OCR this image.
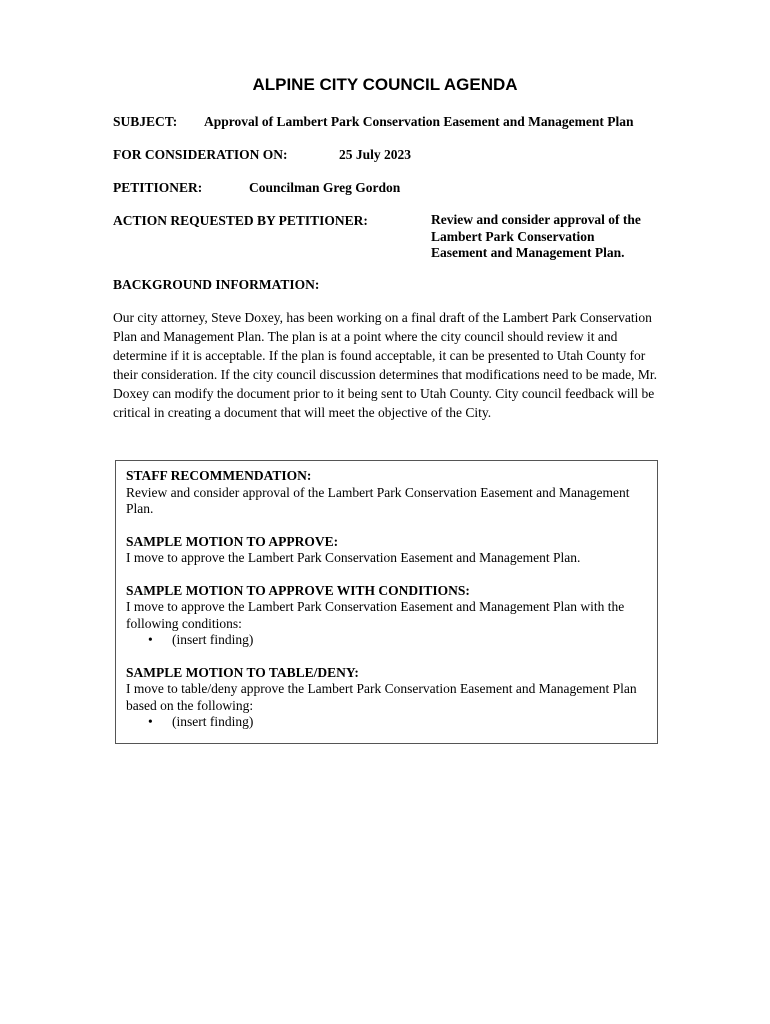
ALPINE CITY COUNCIL AGENDA
SUBJECT: Approval of Lambert Park Conservation Easement and Management Plan
FOR CONSIDERATION ON:	25 July 2023
PETITIONER:	Councilman Greg Gordon
ACTION REQUESTED BY PETITIONER:	Review and consider approval of the
Lambert Park Conservation
Easement and Management Plan.
BACKGROUND INFORMATION:

Our city attorney, Steve Doxey, has been working on a final draft of the Lambert Park Conservation Plan and Management Plan. The plan is at a point where the city council should review it and determine if it is acceptable. If the plan is found acceptable, it can be presented to Utah County for their consideration. If the city council discussion determines that modifications need to be made, Mr. Doxey can modify the document prior to it being sent to Utah County. City council feedback will be critical in creating a document that will meet the objective of the City.

STAFF RECOMMENDATION:
Review and consider approval of the Lambert Park Conservation Easement and Management Plan.
SAMPLE MOTION TO APPROVE:
I move to approve the Lambert Park Conservation Easement and Management Plan.
SAMPLE MOTION TO APPROVE WITH CONDITIONS:
I move to approve the Lambert Park Conservation Easement and Management Plan with the following conditions:
• (insert finding)
SAMPLE MOTION TO TABLE/DENY:
I move to table/deny approve the Lambert Park Conservation Easement and Management Plan based on the following:
• (insert finding)
